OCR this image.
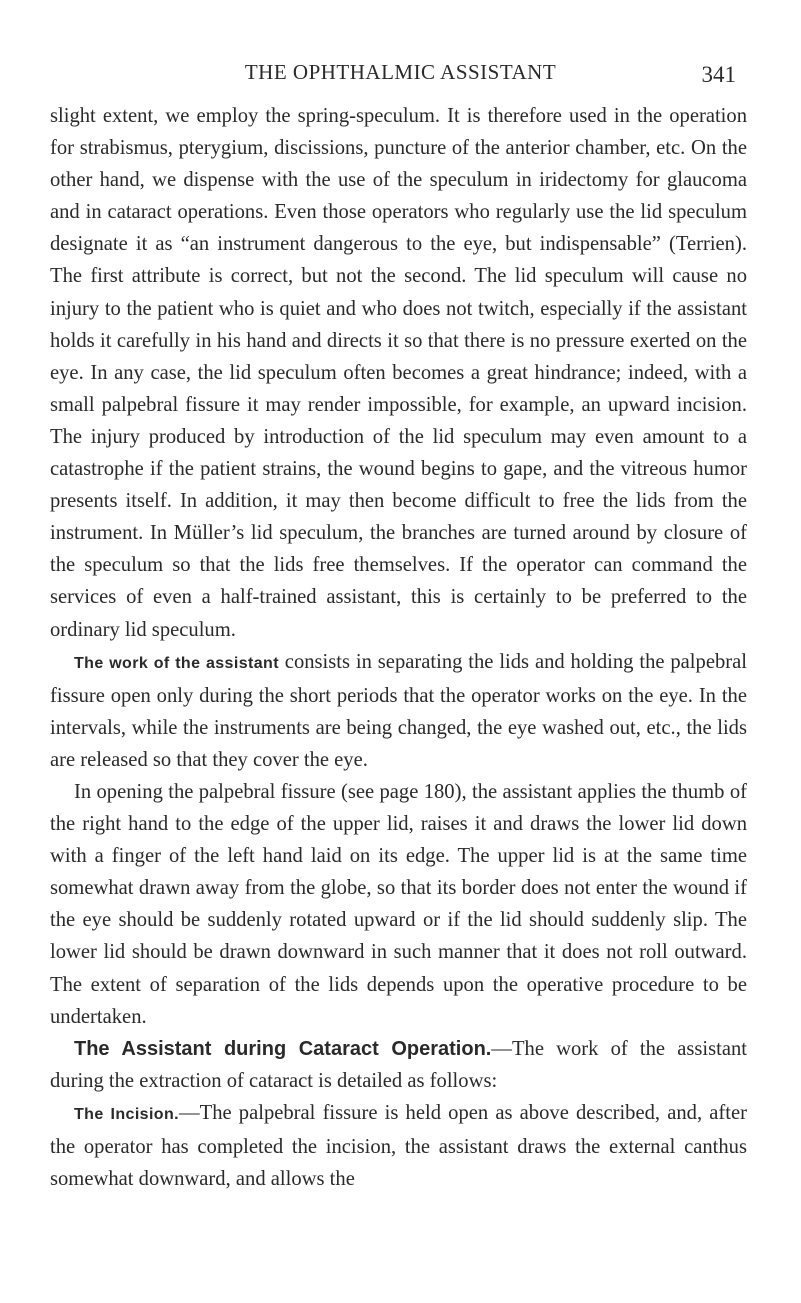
THE OPHTHALMIC ASSISTANT	341

slight extent, we employ the spring-speculum. It is therefore used in the operation for strabismus, pterygium, discissions, puncture of the anterior chamber, etc. On the other hand, we dispense with the use of the speculum in iridectomy for glaucoma and in cataract operations. Even those operators who regularly use the lid speculum designate it as “an instrument dangerous to the eye, but indispensable” (Terrien). The first attribute is correct, but not the second. The lid speculum will cause no injury to the patient who is quiet and who does not twitch, especially if the assistant holds it carefully in his hand and directs it so that there is no pressure exerted on the eye. In any case, the lid speculum often becomes a great hindrance; indeed, with a small palpebral fissure it may render impossible, for example, an upward incision. The injury produced by introduction of the lid speculum may even amount to a catastrophe if the patient strains, the wound begins to gape, and the vitreous humor presents itself. In addition, it may then become difficult to free the lids from the instrument. In Müller’s lid speculum, the branches are turned around by closure of the speculum so that the lids free themselves. If the operator can command the services of even a half-trained assistant, this is certainly to be preferred to the ordinary lid speculum.

The work of the assistant consists in separating the lids and holding the palpebral fissure open only during the short periods that the operator works on the eye. In the intervals, while the instruments are being changed, the eye washed out, etc., the lids are released so that they cover the eye.

In opening the palpebral fissure (see page 180), the assistant applies the thumb of the right hand to the edge of the upper lid, raises it and draws the lower lid down with a finger of the left hand laid on its edge. The upper lid is at the same time somewhat drawn away from the globe, so that its border does not enter the wound if the eye should be suddenly rotated upward or if the lid should suddenly slip. The lower lid should be drawn downward in such manner that it does not roll outward. The extent of separation of the lids depends upon the operative procedure to be undertaken.

The Assistant during Cataract Operation.—The work of the assistant during the extraction of cataract is detailed as follows:

The Incision.—The palpebral fissure is held open as above described, and, after the operator has completed the incision, the assistant draws the external canthus somewhat downward, and allows the
